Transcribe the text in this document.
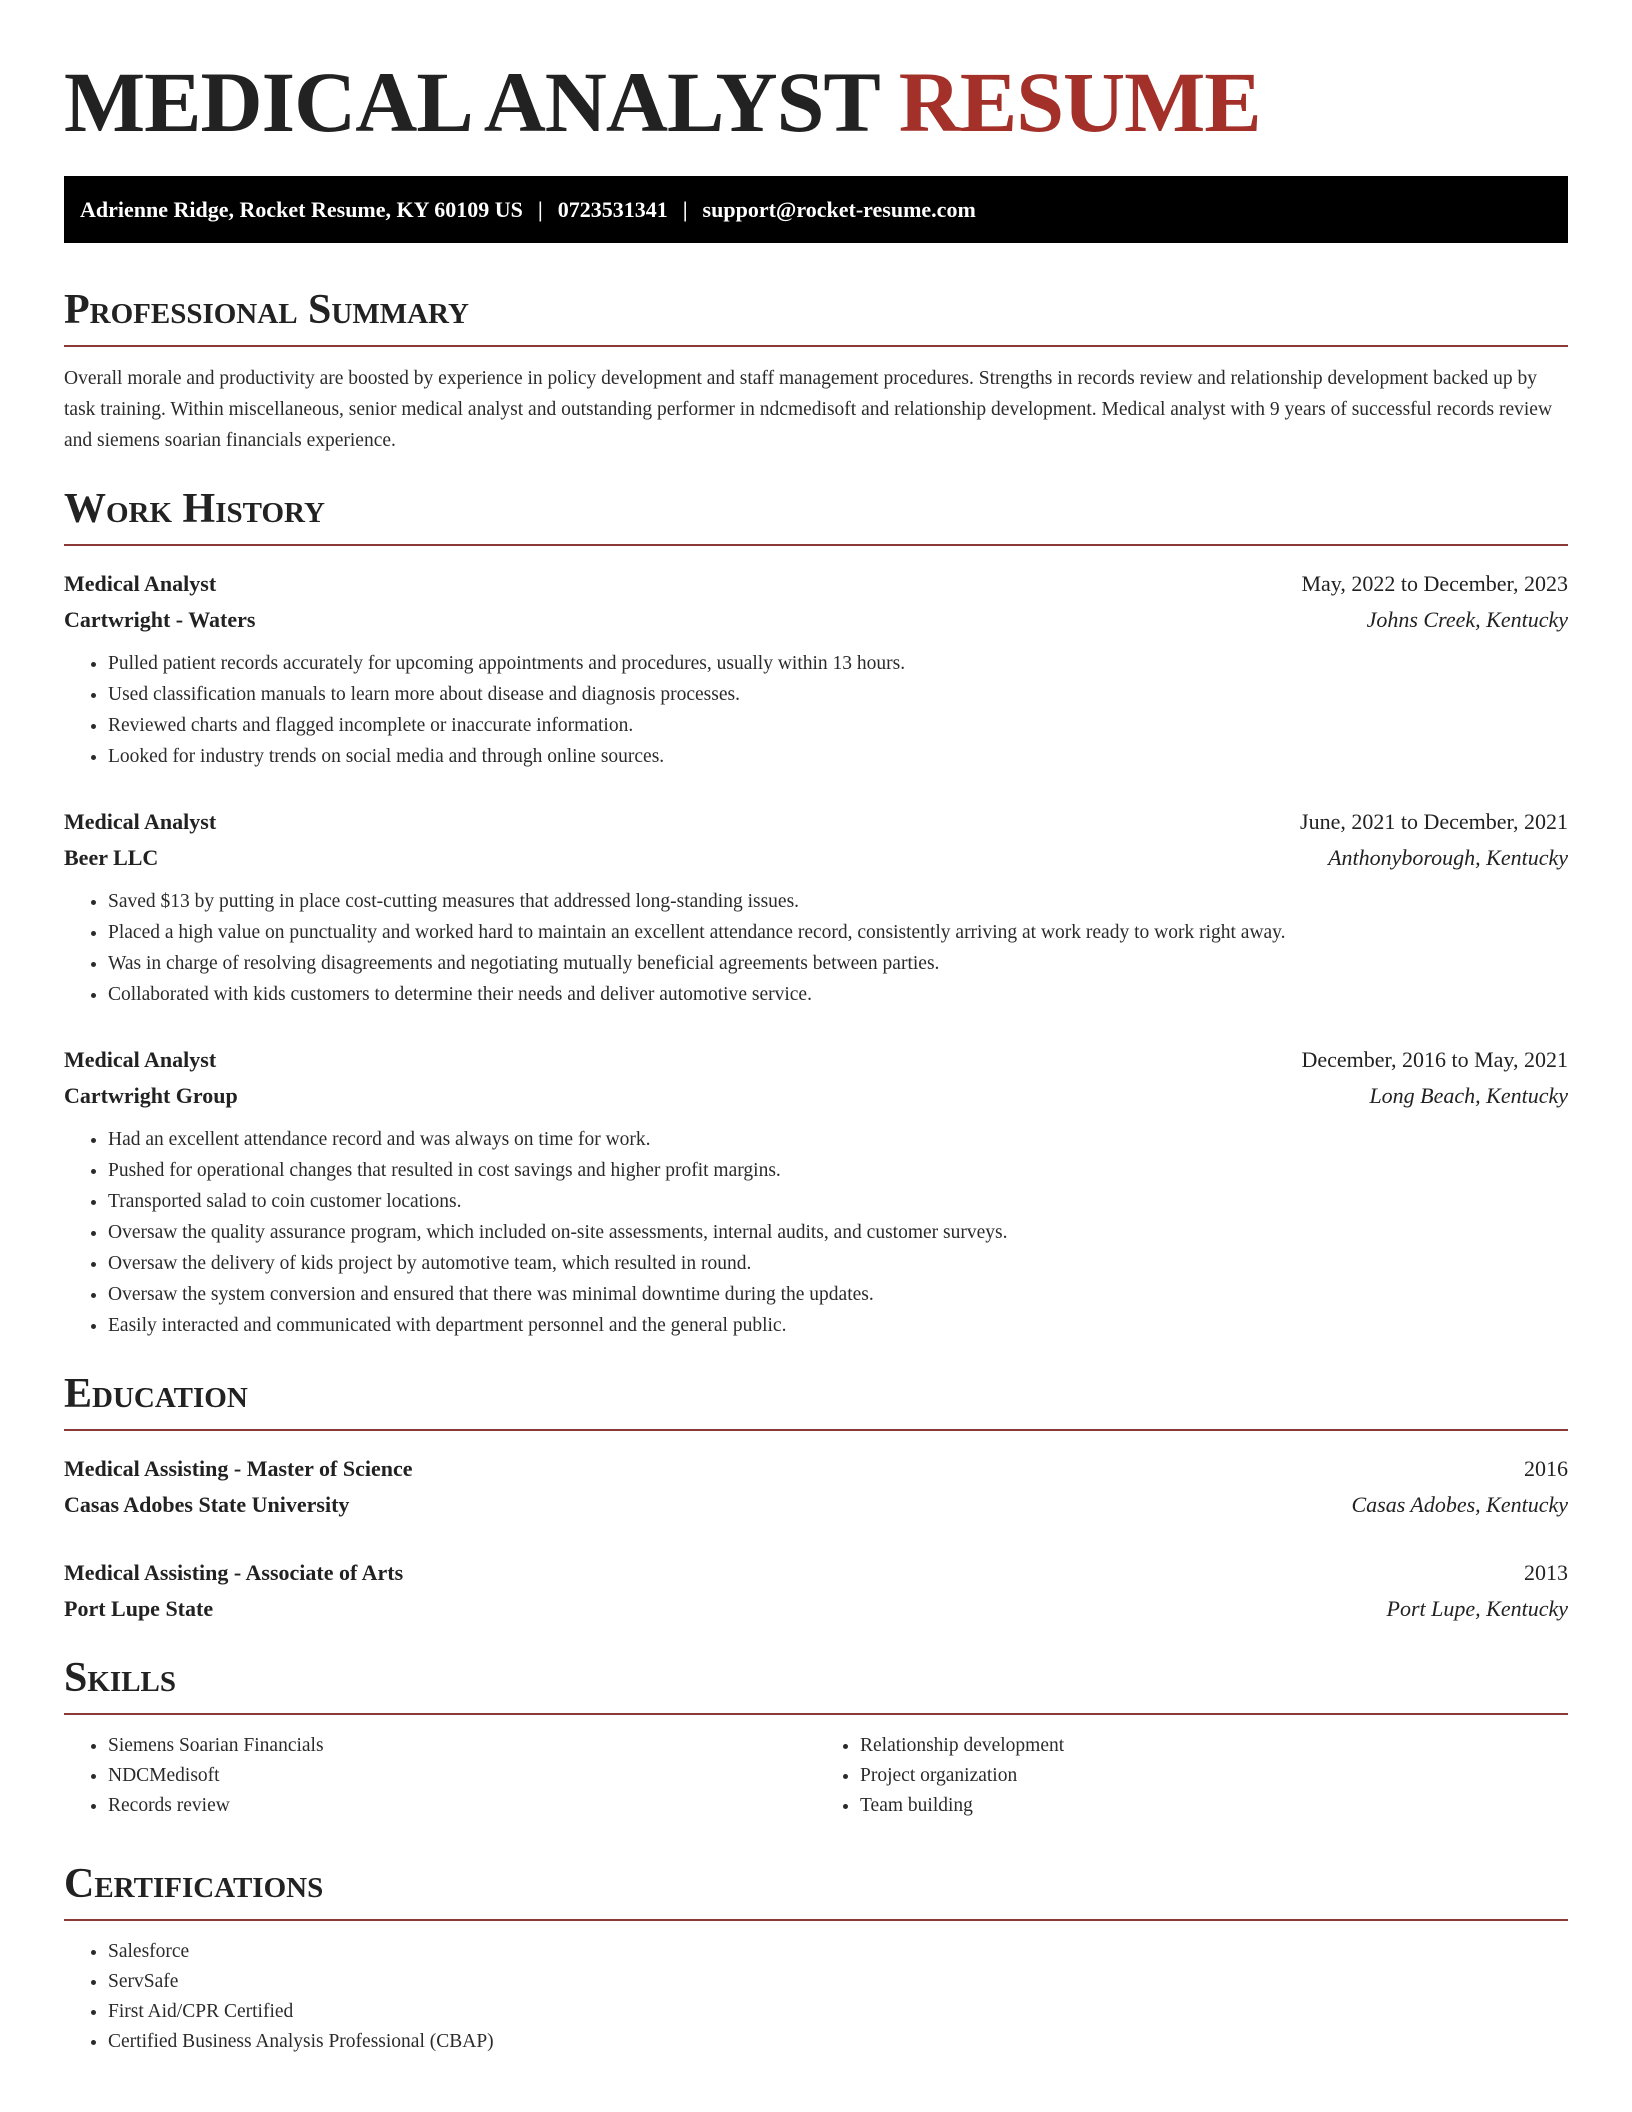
MEDICAL ANALYST RESUME
Adrienne Ridge, Rocket Resume, KY 60109 US | 0723531341 | support@rocket-resume.com
Professional Summary

Overall morale and productivity are boosted by experience in policy development and staff management procedures. Strengths in records review and relationship development backed up by task training. Within miscellaneous, senior medical analyst and outstanding performer in ndcmedisoft and relationship development. Medical analyst with 9 years of successful records review and siemens soarian financials experience.

Work History
Medical Analyst	May, 2022 to December, 2023
Cartwright - Waters	Johns Creek, Kentucky
• Pulled patient records accurately for upcoming appointments and procedures, usually within 13 hours.
• Used classification manuals to learn more about disease and diagnosis processes.
• Reviewed charts and flagged incomplete or inaccurate information.
• Looked for industry trends on social media and through online sources.
Medical Analyst	June, 2021 to December, 2021
Beer LLC	Anthonyborough, Kentucky
• Saved $13 by putting in place cost-cutting measures that addressed long-standing issues.
• Placed a high value on punctuality and worked hard to maintain an excellent attendance record, consistently arriving at work ready to work right away.
• Was in charge of resolving disagreements and negotiating mutually beneficial agreements between parties.
• Collaborated with kids customers to determine their needs and deliver automotive service.
Medical Analyst	December, 2016 to May, 2021
Cartwright Group	Long Beach, Kentucky
• Had an excellent attendance record and was always on time for work.
• Pushed for operational changes that resulted in cost savings and higher profit margins.
• Transported salad to coin customer locations.
• Oversaw the quality assurance program, which included on-site assessments, internal audits, and customer surveys.
• Oversaw the delivery of kids project by automotive team, which resulted in round.
• Oversaw the system conversion and ensured that there was minimal downtime during the updates.
• Easily interacted and communicated with department personnel and the general public.
Education
Medical Assisting - Master of Science	2016
Casas Adobes State University	Casas Adobes, Kentucky
Medical Assisting - Associate of Arts	2013
Port Lupe State	Port Lupe, Kentucky
Skills
• Siemens Soarian Financials
• NDCMedisoft
• Records review
• Relationship development
• Project organization
• Team building
Certifications
• Salesforce
• ServSafe
• First Aid/CPR Certified
• Certified Business Analysis Professional (CBAP)
